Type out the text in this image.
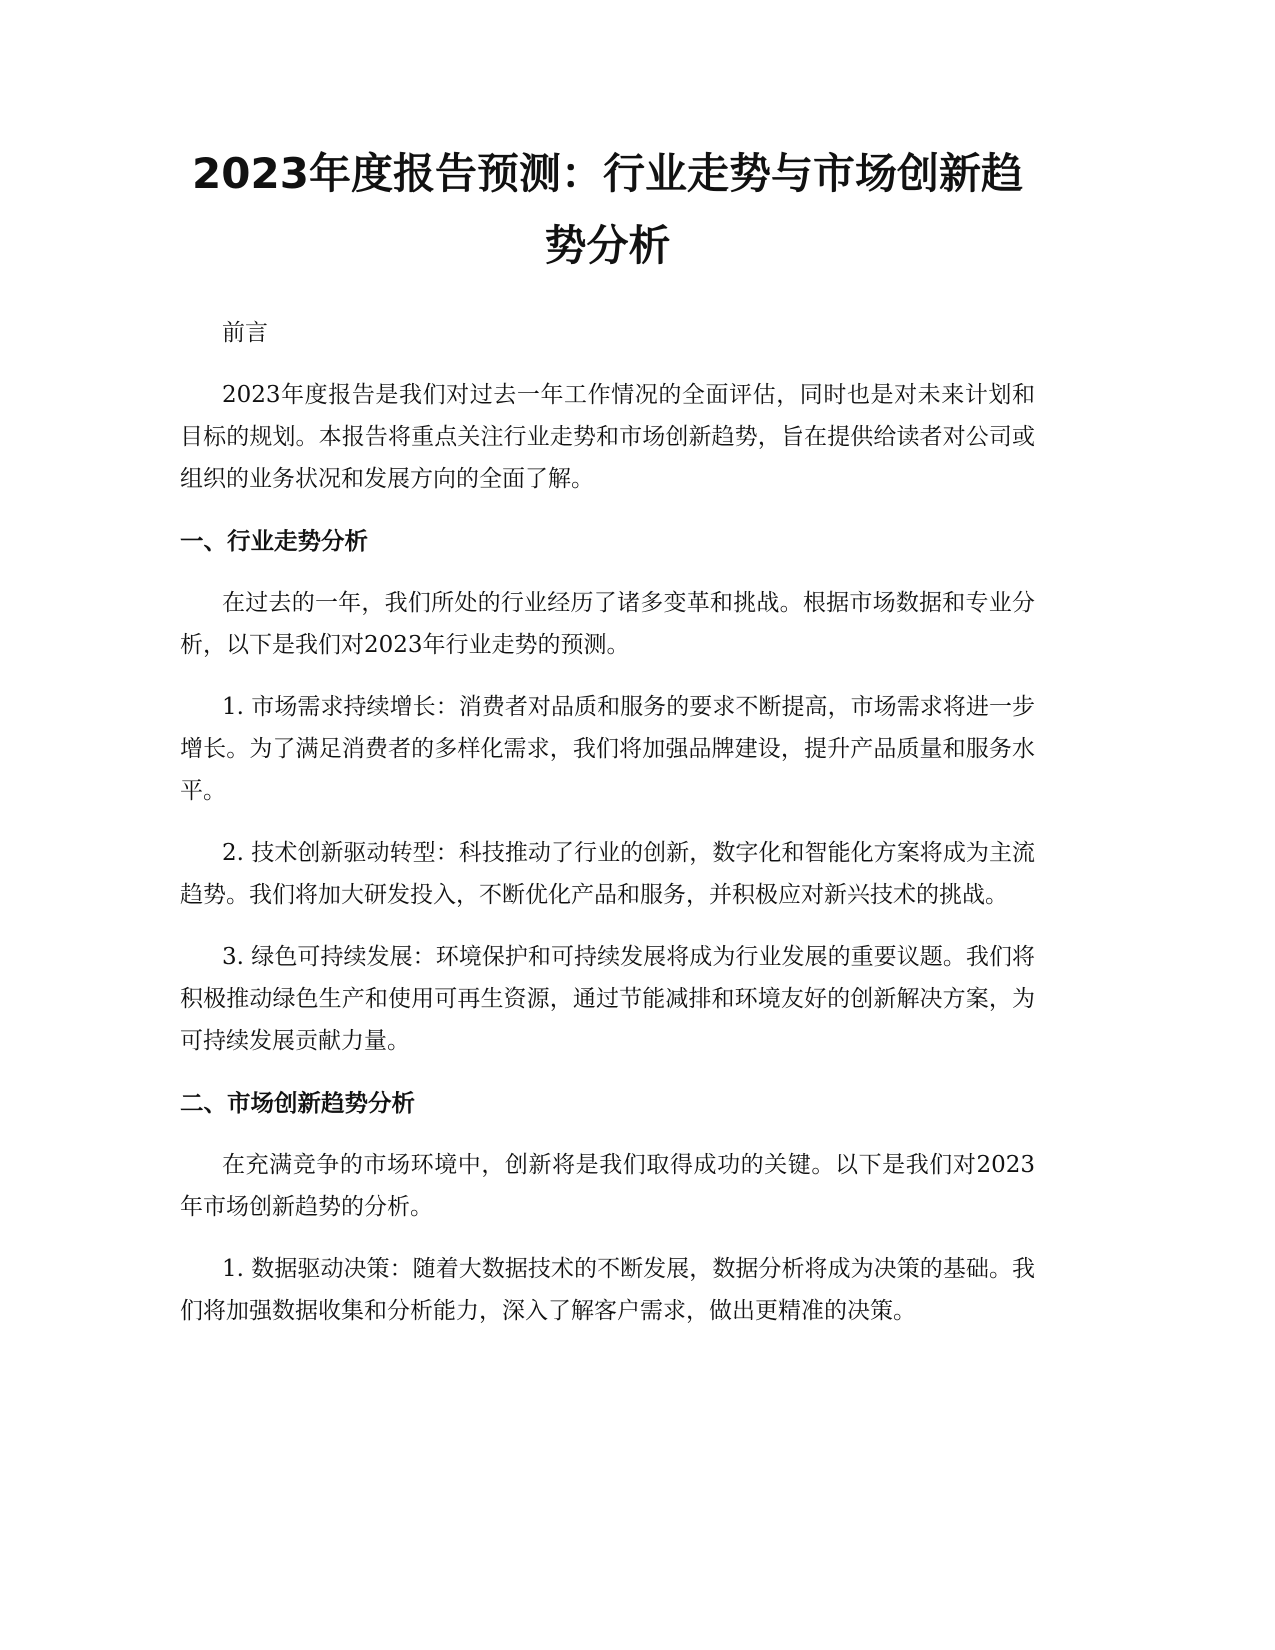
2023年度报告预测：行业走势与市场创新趋势分析

前言

2023年度报告是我们对过去一年工作情况的全面评估，同时也是对未来计划和目标的规划。本报告将重点关注行业走势和市场创新趋势，旨在提供给读者对公司或组织的业务状况和发展方向的全面了解。

一、行业走势分析

在过去的一年，我们所处的行业经历了诸多变革和挑战。根据市场数据和专业分析，以下是我们对2023年行业走势的预测。

1. 市场需求持续增长：消费者对品质和服务的要求不断提高，市场需求将进一步增长。为了满足消费者的多样化需求，我们将加强品牌建设，提升产品质量和服务水平。

2. 技术创新驱动转型：科技推动了行业的创新，数字化和智能化方案将成为主流趋势。我们将加大研发投入，不断优化产品和服务，并积极应对新兴技术的挑战。

3. 绿色可持续发展：环境保护和可持续发展将成为行业发展的重要议题。我们将积极推动绿色生产和使用可再生资源，通过节能减排和环境友好的创新解决方案，为可持续发展贡献力量。

二、市场创新趋势分析

在充满竞争的市场环境中，创新将是我们取得成功的关键。以下是我们对2023年市场创新趋势的分析。

1. 数据驱动决策：随着大数据技术的不断发展，数据分析将成为决策的基础。我们将加强数据收集和分析能力，深入了解客户需求，做出更精准的决策。
